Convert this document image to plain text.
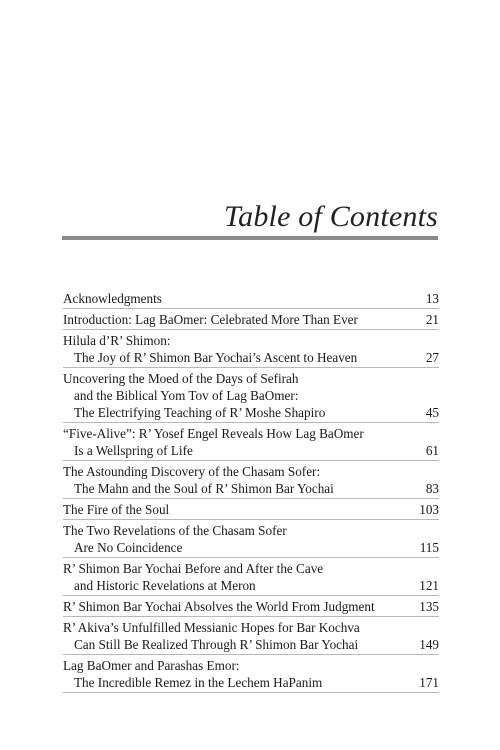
Table of Contents
Acknowledgments	13
Introduction: Lag BaOmer: Celebrated More Than Ever	21
Hilula d’R’ Shimon:
The Joy of R’ Shimon Bar Yochai’s Ascent to Heaven	27
Uncovering the Moed of the Days of Sefirah
and the Biblical Yom Tov of Lag BaOmer:
The Electrifying Teaching of R’ Moshe Shapiro	45
“Five-Alive”: R’ Yosef Engel Reveals How Lag BaOmer
Is a Wellspring of Life	61
The Astounding Discovery of the Chasam Sofer:
The Mahn and the Soul of R’ Shimon Bar Yochai	83
The Fire of the Soul	103
The Two Revelations of the Chasam Sofer
Are No Coincidence	115
R’ Shimon Bar Yochai Before and After the Cave
and Historic Revelations at Meron	121
R’ Shimon Bar Yochai Absolves the World From Judgment	135
R’ Akiva’s Unfulfilled Messianic Hopes for Bar Kochva
Can Still Be Realized Through R’ Shimon Bar Yochai	149
Lag BaOmer and Parashas Emor:
The Incredible Remez in the Lechem HaPanim	171
